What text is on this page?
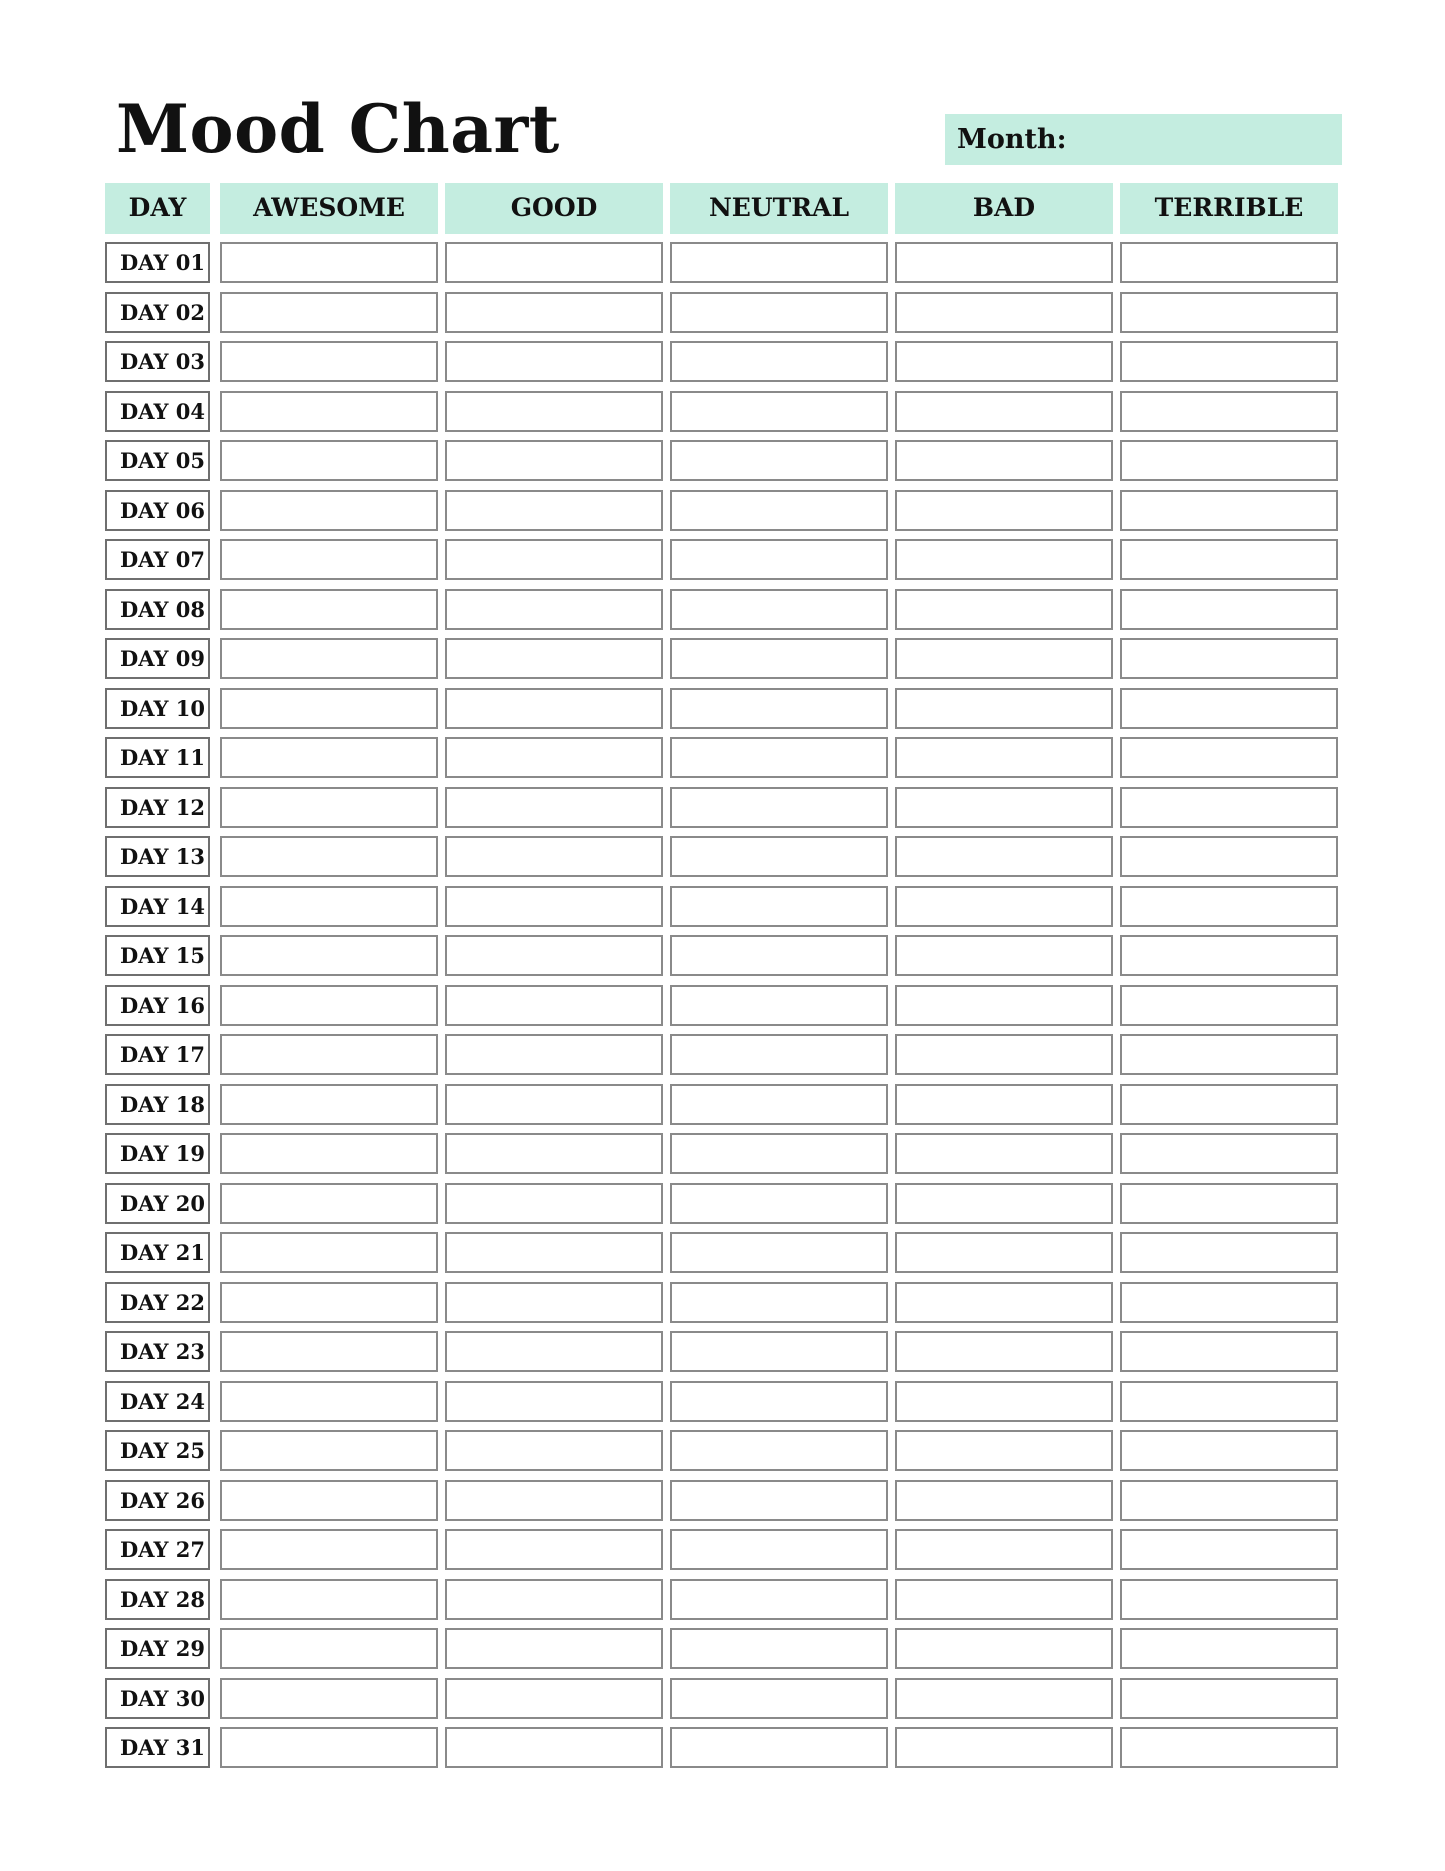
Mood Chart	Month:
DAY	AWESOME	GOOD	NEUTRAL	BAD	TERRIBLE
DAY 01
DAY 02
DAY 03
DAY 04
DAY 05
DAY 06
DAY 07
DAY 08
DAY 09
DAY 10
DAY 11
DAY 12
DAY 13
DAY 14
DAY 15
DAY 16
DAY 17
DAY 18
DAY 19
DAY 20
DAY 21
DAY 22
DAY 23
DAY 24
DAY 25
DAY 26
DAY 27
DAY 28
DAY 29
DAY 30
DAY 31
